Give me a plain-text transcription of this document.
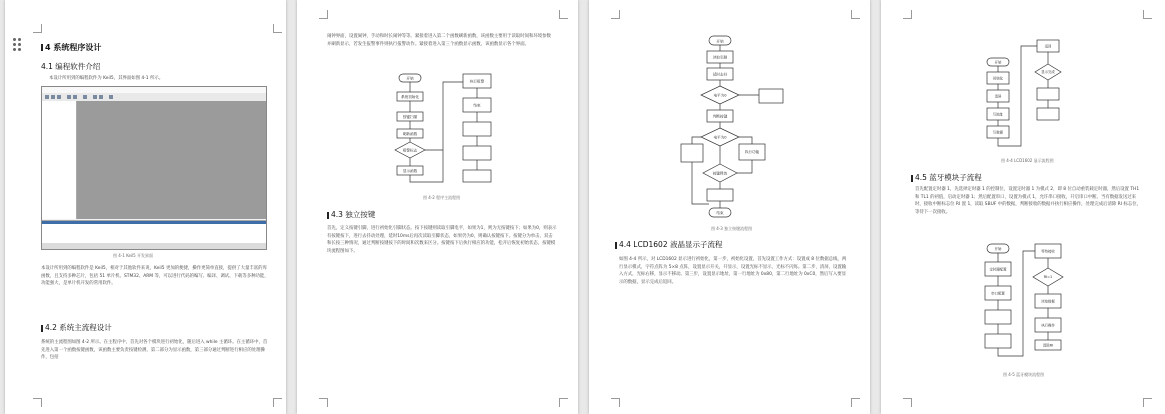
4 系统程序设计
4.1 编程软件介绍
本设计所用到的编程软件为 Keil5，其界面如图 4-1 所示。
图 4-1 Keil5 开发界面
本设计所用到的编程软件是 Keil5，相对于其他软件来说，Keil5 更加的便捷，操作更简单直接，提供了大量丰富的库函数，且支持多种芯片，包括 51 单片机、STM32、ARM 等，可以进行代码的编写、编译、调试、下载等多种功能，功能强大，是单片机开发的常用软件。
4.2 系统主流程设计
系统的主流程图如图 4-2 所示。在主程序中，首先对各个模块进行初始化，随后进入 while 主循环。在主循环中，首先进入第一个函数按键函数，该函数主要负责按键检测，第二部分为显示函数，第三部分通过判断进行相应的处理操作，包括
闹钟界面，设置闹钟，手动和时长闹钟等等。紧接着进入第二个函数刷新函数，该函数主要用于读取时间和环境参数并刷新显示，若发生报警事件则执行报警动作。紧接着进入第三个函数显示函数，该函数显示各个界面。
开始
系统初始化
按键扫描
刷新函数
报警标志
显示函数
执行报警
结束
图 4-2 程序主流程图
4.3 独立按键
首先，定义按键引脚，进行初始化引脚状态。按下按键则读取引脚电平，如果为1，则为无按键按下；如果为0，则表示有按键按下，进行去抖动处理，延时10ms后再次读取引脚状态，如果仍为0，则确认按键按下。按键分为单击、双击和长按三种情况，通过判断按键按下的时间和次数来区分。按键按下后执行相应的功能，松开后恢复初始状态，按键模块流程图如下。
开始
读取引脚
延时去抖
电平为0
判断按键
电平为0
执行功能
按键释放
结束
图 4-3 独立按键流程图
4.4 LCD1602 液晶显示子流程
如图 4-4 所示，对 LCD1602 显示进行初始化，第一步，初始化设置，首先设置工作方式：设置成 8 位数据总线，两行显示模式，字符点阵为 5×8 点阵，设置显示开关，开显示，设置光标不显示，光标不闪烁。第二步，清屏，设置输入方式，光标右移，显示不移动。第三步，设置显示地址，第一行地址为 0x80，第二行地址为 0xC0，然后写入要显示的数据，显示完成后返回。
开始
初始化
清屏
写地址
写数据
返回
显示完成
图 4-4 LCD1602 显示流程图
4.5 蓝牙模块子流程
首先配置定时器 1，先选择定时器 1 的控制位，设置定时器 1 为模式 2，即 8 位自动重装载定时器，然后设置 TH1 和 TL1 的初值，启动定时器 1；然后配置串口，设置为模式 1，允许串口接收，开启串口中断。当有数据发送过来时，接收中断标志位 RI 置 1，读取 SBUF 中的数据，判断接收的数据并执行相应操作，处理完成后清除 RI 标志位，等待下一次接收。
开始
定时器配置
串口配置
等待接收
RI=1
读取数据
执行操作
清除RI
图 4-5 蓝牙模块流程图
